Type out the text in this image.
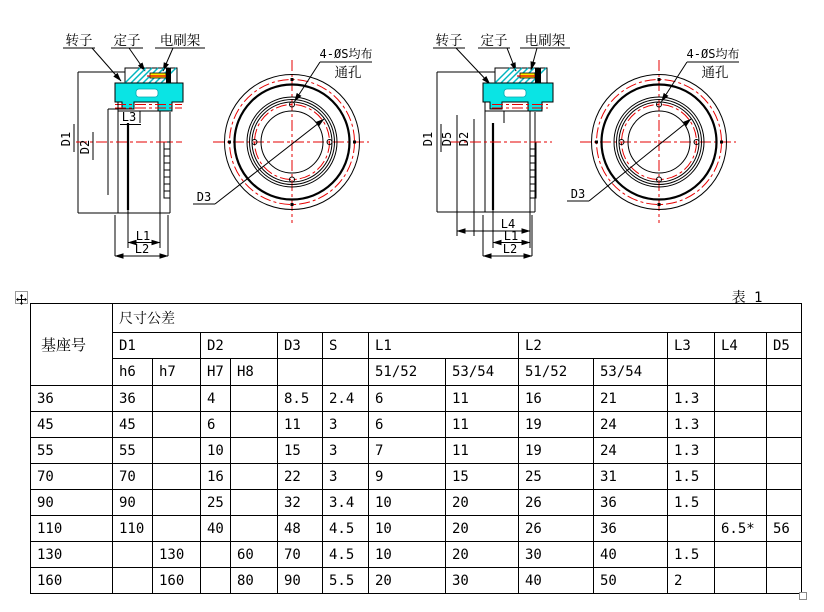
转子 定子 电刷架
L3
D1
D2
L1
L2
4-ØS均布
通孔
D3
转子 定子 电刷架
D1 D5 D2
L4
L1
L2
4-ØS均布
通孔
D3
表 1
基座号	尺寸公差												
	D1		D2		D3	S	L1		L2		L3	L4	D5
	h6	h7	H7	H8			51/52	53/54	51/52	53/54			
36	36		4		8.5	2.4	6	11	16	21	1.3		
45	45		6		11	3	6	11	19	24	1.3		
55	55		10		15	3	7	11	19	24	1.3		
70	70		16		22	3	9	15	25	31	1.5		
90	90		25		32	3.4	10	20	26	36	1.5		
110	110		40		48	4.5	10	20	26	36		6.5*	56
130		130		60	70	4.5	10	20	30	40	1.5		
160		160		80	90	5.5	20	30	40	50	2		
